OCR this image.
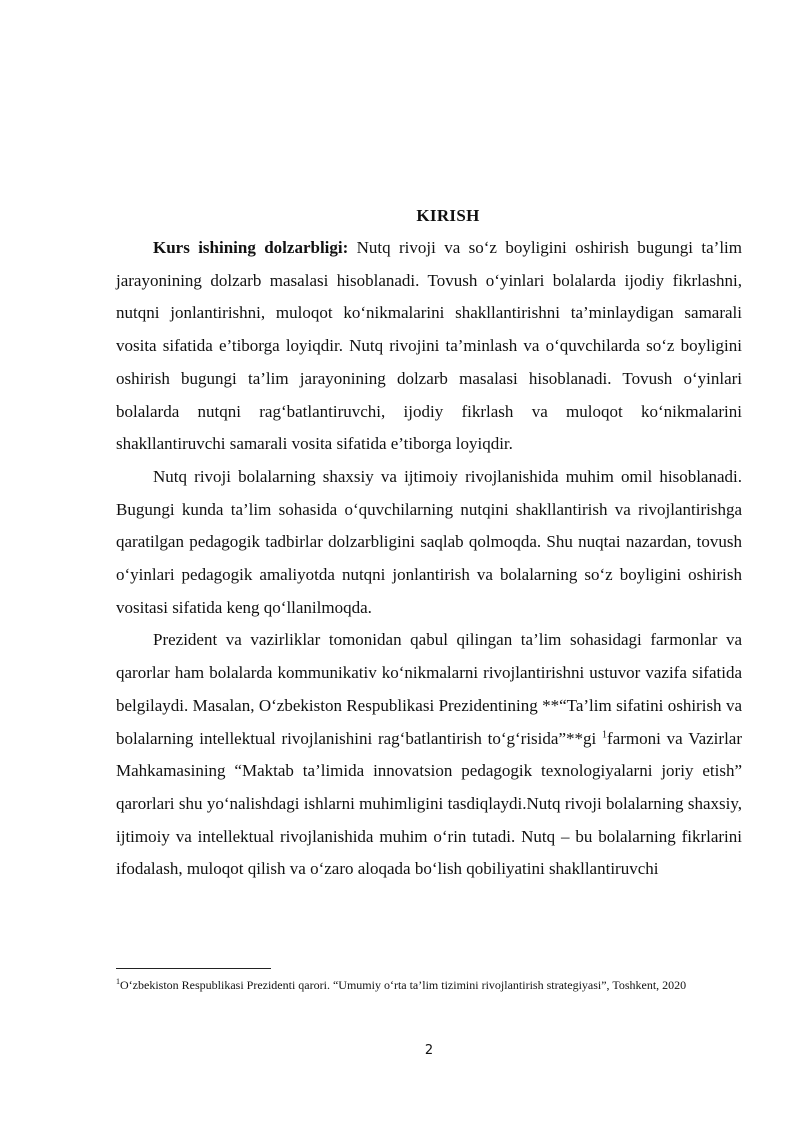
KIRISH

Kurs ishining dolzarbligi: Nutq rivoji va so‘z boyligini oshirish bugungi ta’lim jarayonining dolzarb masalasi hisoblanadi. Tovush o‘yinlari bolalarda ijodiy fikrlashni, nutqni jonlantirishni, muloqot ko‘nikmalarini shakllantirishni ta’minlaydigan samarali vosita sifatida e’tiborga loyiqdir. Nutq rivojini ta’minlash va o‘quvchilarda so‘z boyligini oshirish bugungi ta’lim jarayonining dolzarb masalasi hisoblanadi. Tovush o‘yinlari bolalarda nutqni rag‘batlantiruvchi, ijodiy fikrlash va muloqot ko‘nikmalarini shakllantiruvchi samarali vosita sifatida e’tiborga loyiqdir.

Nutq rivoji bolalarning shaxsiy va ijtimoiy rivojlanishida muhim omil hisoblanadi. Bugungi kunda ta’lim sohasida o‘quvchilarning nutqini shakllantirish va rivojlantirishga qaratilgan pedagogik tadbirlar dolzarbligini saqlab qolmoqda. Shu nuqtai nazardan, tovush o‘yinlari pedagogik amaliyotda nutqni jonlantirish va bolalarning so‘z boyligini oshirish vositasi sifatida keng qo‘llanilmoqda.

Prezident va vazirliklar tomonidan qabul qilingan ta’lim sohasidagi farmonlar va qarorlar ham bolalarda kommunikativ ko‘nikmalarni rivojlantirishni ustuvor vazifa sifatida belgilaydi. Masalan, O‘zbekiston Respublikasi Prezidentining **“Ta’lim sifatini oshirish va bolalarning intellektual rivojlanishini rag‘batlantirish to‘g‘risida”**gi $^1$farmoni va Vazirlar Mahkamasining “Maktab ta’limida innovatsion pedagogik texnologiyalarni joriy etish” qarorlari shu yo‘nalishdagi ishlarni muhimligini tasdiqlaydi.Nutq rivoji bolalarning shaxsiy, ijtimoiy va intellektual rivojlanishida muhim o‘rin tutadi. Nutq – bu bolalarning fikrlarini ifodalash, muloqot qilish va o‘zaro aloqada bo‘lish qobiliyatini shakllantiruvchi

$^1$O‘zbekiston Respublikasi Prezidenti qarori. “Umumiy o‘rta ta’lim tizimini rivojlantirish strategiyasi”, Toshkent, 2020
2
